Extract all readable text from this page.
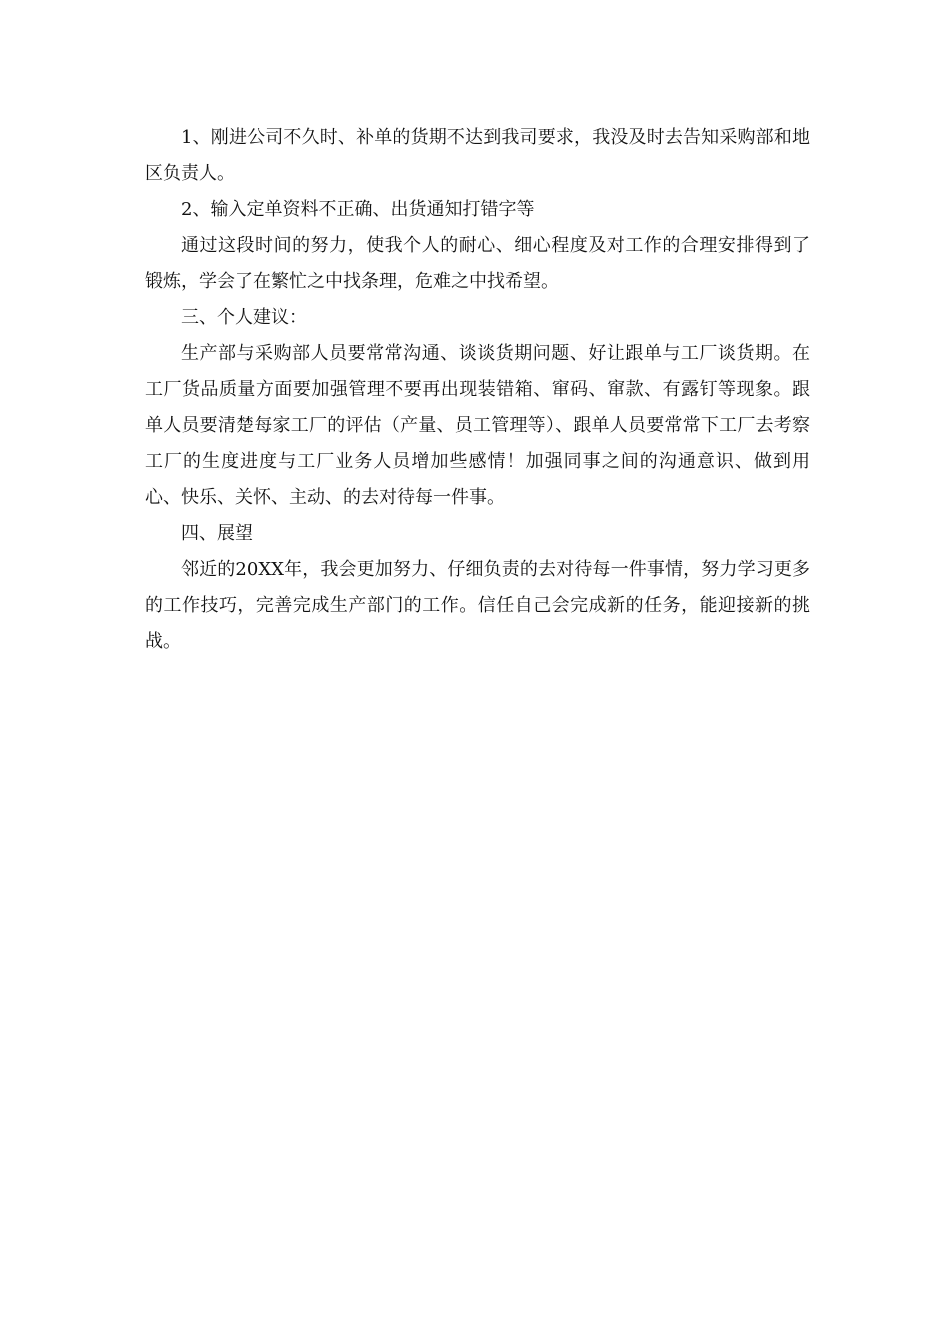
1、刚进公司不久时、补单的货期不达到我司要求，我没及时去告知采购部和地区负责人。

2、输入定单资料不正确、出货通知打错字等

通过这段时间的努力，使我个人的耐心、细心程度及对工作的合理安排得到了锻炼，学会了在繁忙之中找条理，危难之中找希望。

三、个人建议：

生产部与采购部人员要常常沟通、谈谈货期问题、好让跟单与工厂谈货期。在工厂货品质量方面要加强管理不要再出现装错箱、窜码、窜款、有露钉等现象。跟单人员要清楚每家工厂的评估（产量、员工管理等）、跟单人员要常常下工厂去考察工厂的生度进度与工厂业务人员增加些感情！加强同事之间的沟通意识、做到用心、快乐、关怀、主动、的去对待每一件事。

四、展望

邻近的20XX年，我会更加努力、仔细负责的去对待每一件事情，努力学习更多的工作技巧，完善完成生产部门的工作。信任自己会完成新的任务，能迎接新的挑战。
